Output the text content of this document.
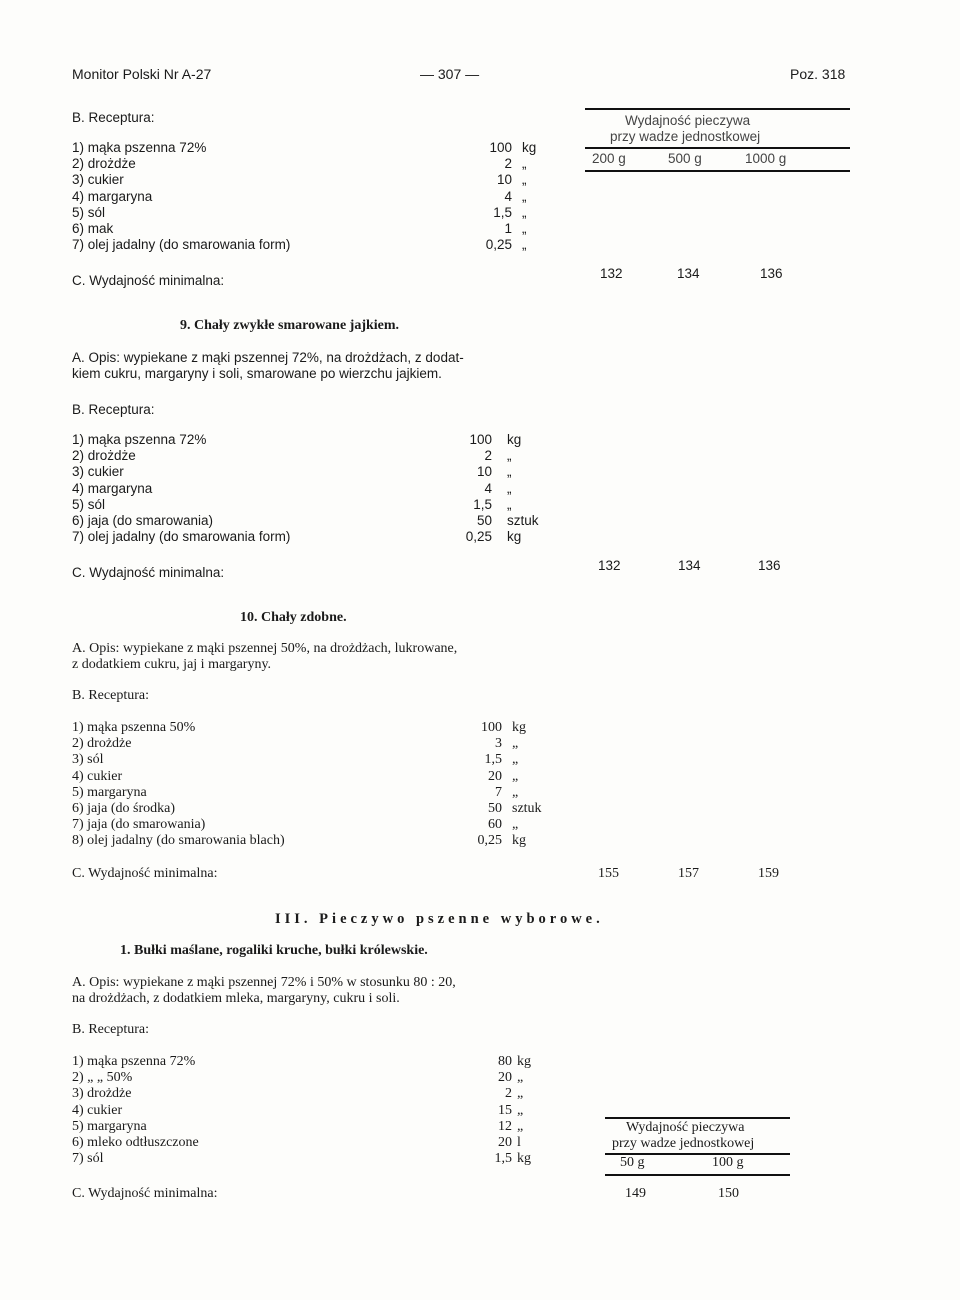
Monitor Polski Nr A-27	— 307 —	Poz. 318
Wydajność pieczywa
przy wadze jednostkowej
200 g	500 g	1000 g
B. Receptura:
1) mąka pszenna 72%	100 kg
2) drożdże	2 „
3) cukier	10 „
4) margaryna	4 „
5) sól	1,5 „
6) mak	1 „
7) olej jadalny (do smarowania form)	0,25 „
C. Wydajność minimalna:	132	134	136
9. Chały zwykłe smarowane jajkiem.
A. Opis: wypiekane z mąki pszennej 72%, na drożdżach, z dodat-
kiem cukru, margaryny i soli, smarowane po wierzchu jajkiem.
B. Receptura:
1) mąka pszenna 72%	100 kg
2) drożdże	2 „
3) cukier	10 „
4) margaryna	4 „
5) sól	1,5 „
6) jaja (do smarowania)	50 sztuk
7) olej jadalny (do smarowania form)	0,25 kg
C. Wydajność minimalna:	132	134	136
10. Chały zdobne.
A. Opis: wypiekane z mąki pszennej 50%, na drożdżach, lukrowane,
z dodatkiem cukru, jaj i margaryny.
B. Receptura:
1) mąka pszenna 50%	100 kg
2) drożdże	3 „
3) sól	1,5 „
4) cukier	20 „
5) margaryna	7 „
6) jaja (do środka)	50 sztuk
7) jaja (do smarowania)	60 „
8) olej jadalny (do smarowania blach)	0,25 kg
C. Wydajność minimalna:	155	157	159
III. Pieczywo pszenne wyborowe.
1. Bułki maślane, rogaliki kruche, bułki królewskie.
A. Opis: wypiekane z mąki pszennej 72% i 50% w stosunku 80 : 20,
na drożdżach, z dodatkiem mleka, margaryny, cukru i soli.
B. Receptura:
1) mąka pszenna 72%	80 kg
2) „ „ 50%	20 „
3) drożdże	2 „
4) cukier	15 „
5) margaryna	12 „
6) mleko odtłuszczone	20 l
7) sól	1,5 kg
Wydajność pieczywa
przy wadze jednostkowej
50 g	100 g
C. Wydajność minimalna:	149	150
